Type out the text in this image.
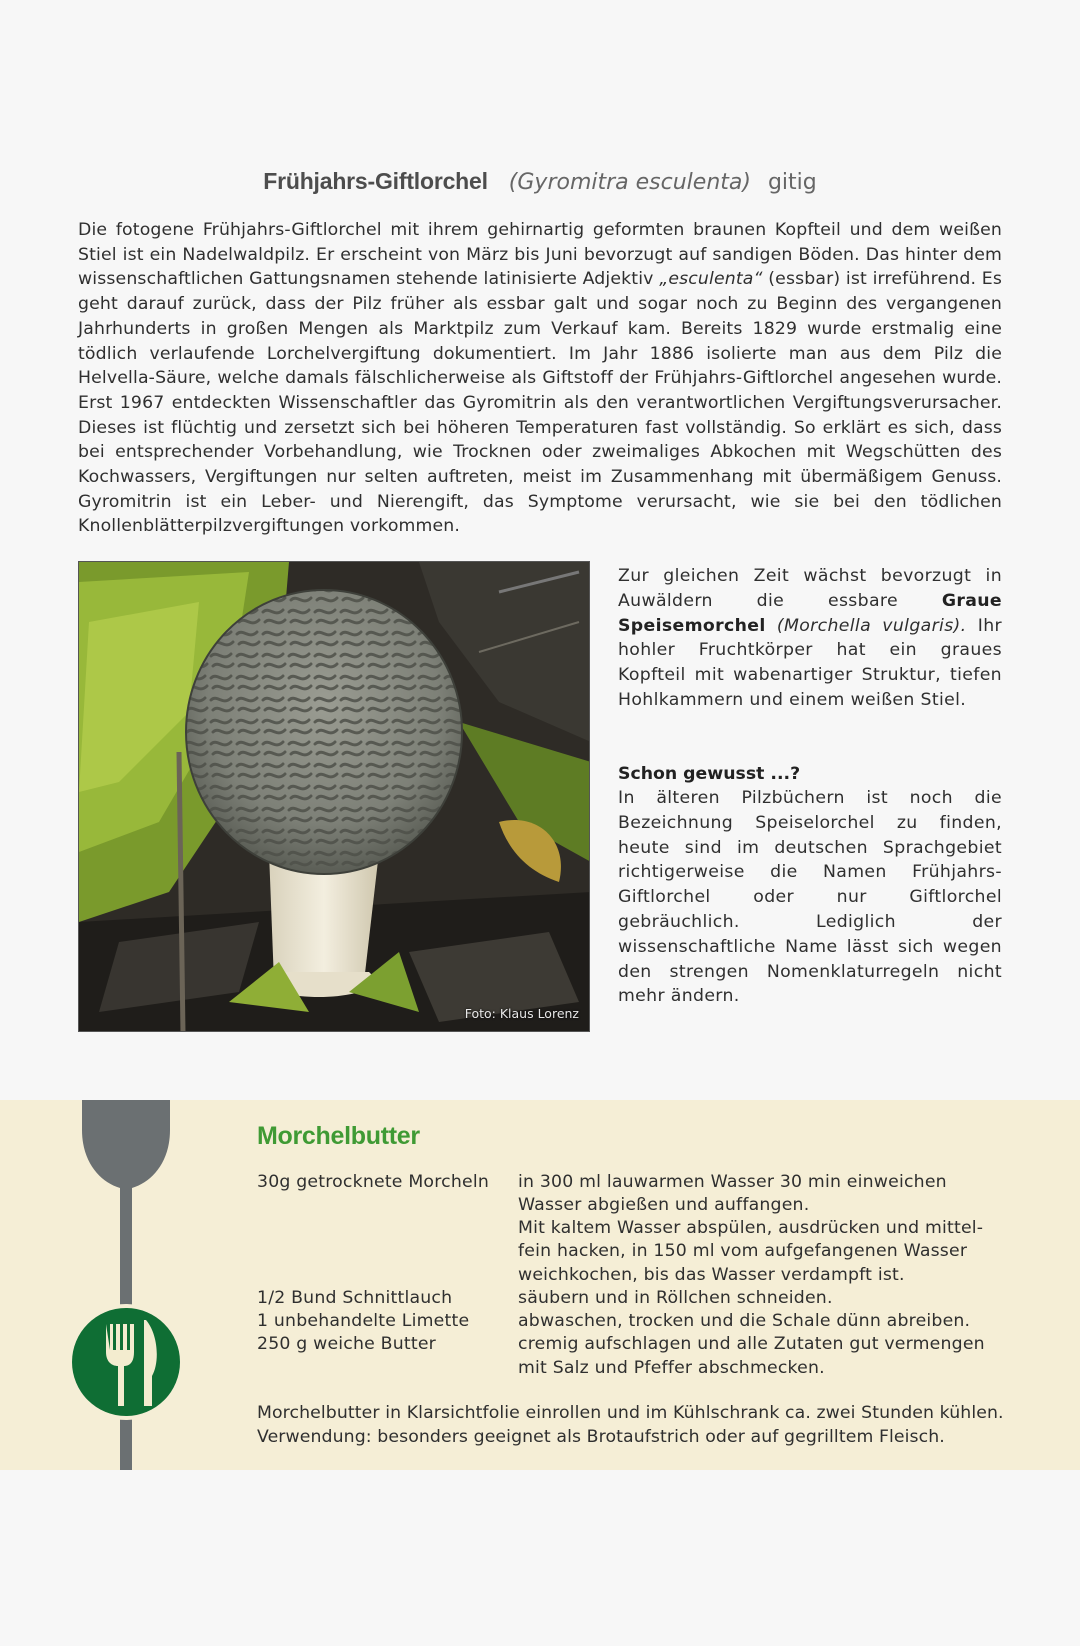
Frühjahrs-Giftlorchel (Gyromitra esculenta) gitig

Die fotogene Frühjahrs-Giftlorchel mit ihrem gehirnartig geformten braunen Kopfteil und dem weißen Stiel ist ein Nadelwaldpilz. Er erscheint von März bis Juni bevorzugt auf sandigen Böden. Das hinter dem wissenschaftlichen Gattungsnamen stehende latinisierte Adjektiv „esculenta“ (essbar) ist irreführend. Es geht darauf zurück, dass der Pilz früher als essbar galt und sogar noch zu Beginn des vergangenen Jahrhunderts in großen Mengen als Marktpilz zum Verkauf kam. Bereits 1829 wurde erstmalig eine tödlich verlaufende Lorchelvergiftung dokumentiert. Im Jahr 1886 isolierte man aus dem Pilz die Helvella-Säure, welche damals fälschlicherweise als Giftstoff der Frühjahrs-Giftlorchel angesehen wurde. Erst 1967 entdeckten Wissenschaftler das Gyromitrin als den verantwortlichen Vergiftungsverursacher. Dieses ist flüchtig und zersetzt sich bei höheren Temperaturen fast vollständig. So erklärt es sich, dass bei entsprechender Vorbehandlung, wie Trocknen oder zweimaliges Abkochen mit Wegschütten des Kochwassers, Vergiftungen nur selten auftreten, meist im Zusammenhang mit übermäßigem Genuss. Gyromitrin ist ein Leber- und Nierengift, das Symptome verursacht, wie sie bei den tödlichen Knollenblätterpilzvergiftungen vorkommen.

Foto: Klaus Lorenz

Zur gleichen Zeit wächst bevorzugt in Auwäldern die essbare Graue Speisemorchel (Morchella vulgaris). Ihr hohler Fruchtkörper hat ein graues Kopfteil mit wabenartiger Struktur, tiefen Hohlkammern und einem weißen Stiel.

Schon gewusst ...?

In älteren Pilzbüchern ist noch die Bezeichnung Speiselorchel zu finden, heute sind im deutschen Sprachgebiet richtigerweise die Namen Frühjahrs-Giftlorchel oder nur Giftlorchel gebräuchlich. Lediglich der wissenschaftliche Name lässt sich wegen den strengen Nomenklaturregeln nicht mehr ändern.

Morchelbutter
30g getrocknete Morcheln
1/2 Bund Schnittlauch
1 unbehandelte Limette
250 g weiche Butter
in 300 ml lauwarmen Wasser 30 min einweichen
Wasser abgießen und auffangen.
Mit kaltem Wasser abspülen, ausdrücken und mittel-
fein hacken, in 150 ml vom aufgefangenen Wasser
weichkochen, bis das Wasser verdampft ist.
säubern und in Röllchen schneiden.
abwaschen, trocken und die Schale dünn abreiben.
cremig aufschlagen und alle Zutaten gut vermengen
mit Salz und Pfeffer abschmecken.
Morchelbutter in Klarsichtfolie einrollen und im Kühlschrank ca. zwei Stunden kühlen.
Verwendung: besonders geeignet als Brotaufstrich oder auf gegrilltem Fleisch.
